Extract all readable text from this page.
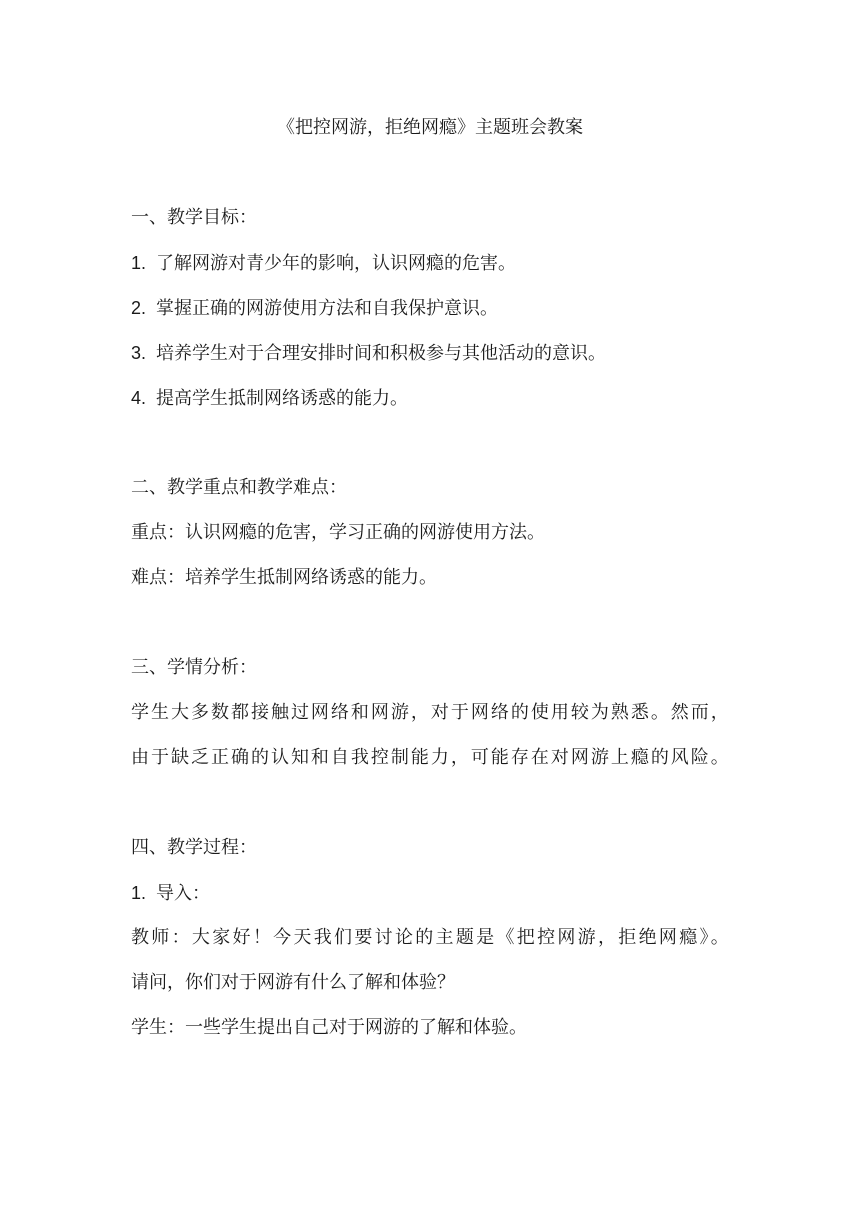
《把控网游，拒绝网瘾》主题班会教案
一、教学目标：
1. 了解网游对青少年的影响，认识网瘾的危害。
2. 掌握正确的网游使用方法和自我保护意识。
3. 培养学生对于合理安排时间和积极参与其他活动的意识。
4. 提高学生抵制网络诱惑的能力。
二、教学重点和教学难点：
重点：认识网瘾的危害，学习正确的网游使用方法。
难点：培养学生抵制网络诱惑的能力。
三、学情分析：
学生大多数都接触过网络和网游，对于网络的使用较为熟悉。然而，
由于缺乏正确的认知和自我控制能力，可能存在对网游上瘾的风险。
四、教学过程：
1. 导入：
教师：大家好！今天我们要讨论的主题是《把控网游，拒绝网瘾》。
请问，你们对于网游有什么了解和体验？
学生：一些学生提出自己对于网游的了解和体验。
